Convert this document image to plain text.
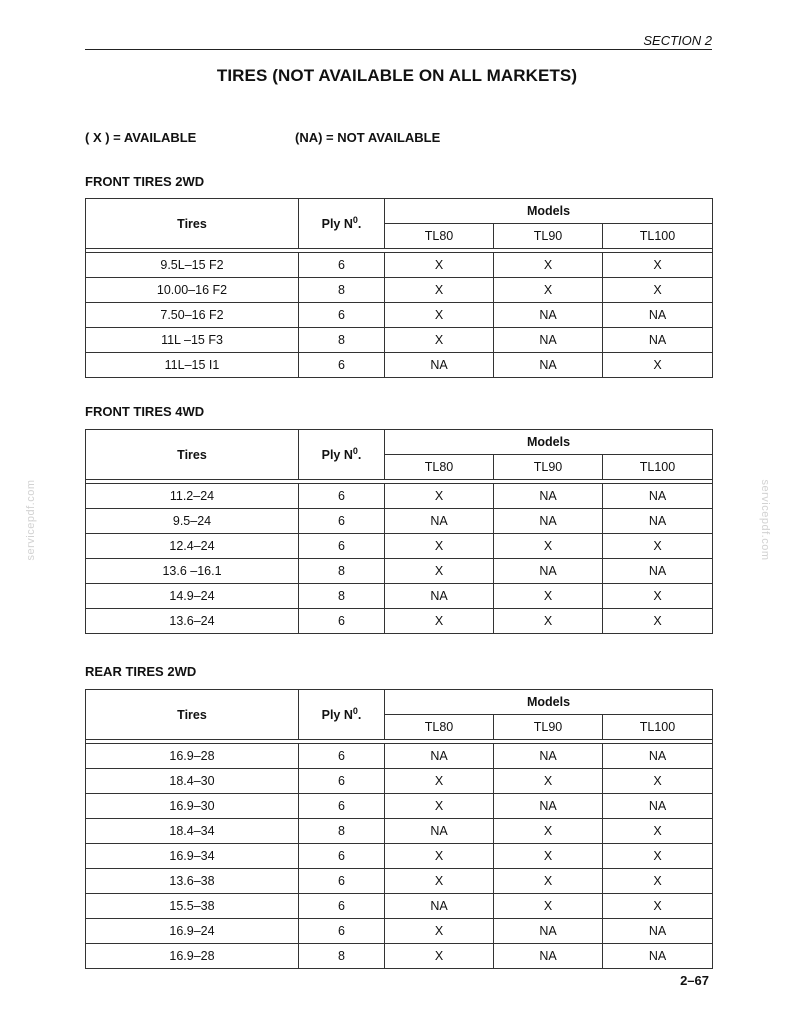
SECTION 2
TIRES (NOT AVAILABLE ON ALL MARKETS)
( X ) = AVAILABLE	(NA) = NOT AVAILABLE
servicepdf.com	servicepdf.com
FRONT TIRES 2WD
Tires	Ply $N^0$.	Models		
		TL80	TL90	TL100

9.5L–15 F2	6	X	X	X
10.00–16 F2	8	X	X	X
7.50–16 F2	6	X	NA	NA
11L –15 F3	8	X	NA	NA
11L–15 I1	6	NA	NA	X
FRONT TIRES 4WD
Tires	Ply $N^0$.	Models		
		TL80	TL90	TL100

11.2–24	6	X	NA	NA
9.5–24	6	NA	NA	NA
12.4–24	6	X	X	X
13.6 –16.1	8	X	NA	NA
14.9–24	8	NA	X	X
13.6–24	6	X	X	X
REAR TIRES 2WD
Tires	Ply $N^0$.	Models		
		TL80	TL90	TL100

16.9–28	6	NA	NA	NA
18.4–30	6	X	X	X
16.9–30	6	X	NA	NA
18.4–34	8	NA	X	X
16.9–34	6	X	X	X
13.6–38	6	X	X	X
15.5–38	6	NA	X	X
16.9–24	6	X	NA	NA
16.9–28	8	X	NA	NA
2–67
